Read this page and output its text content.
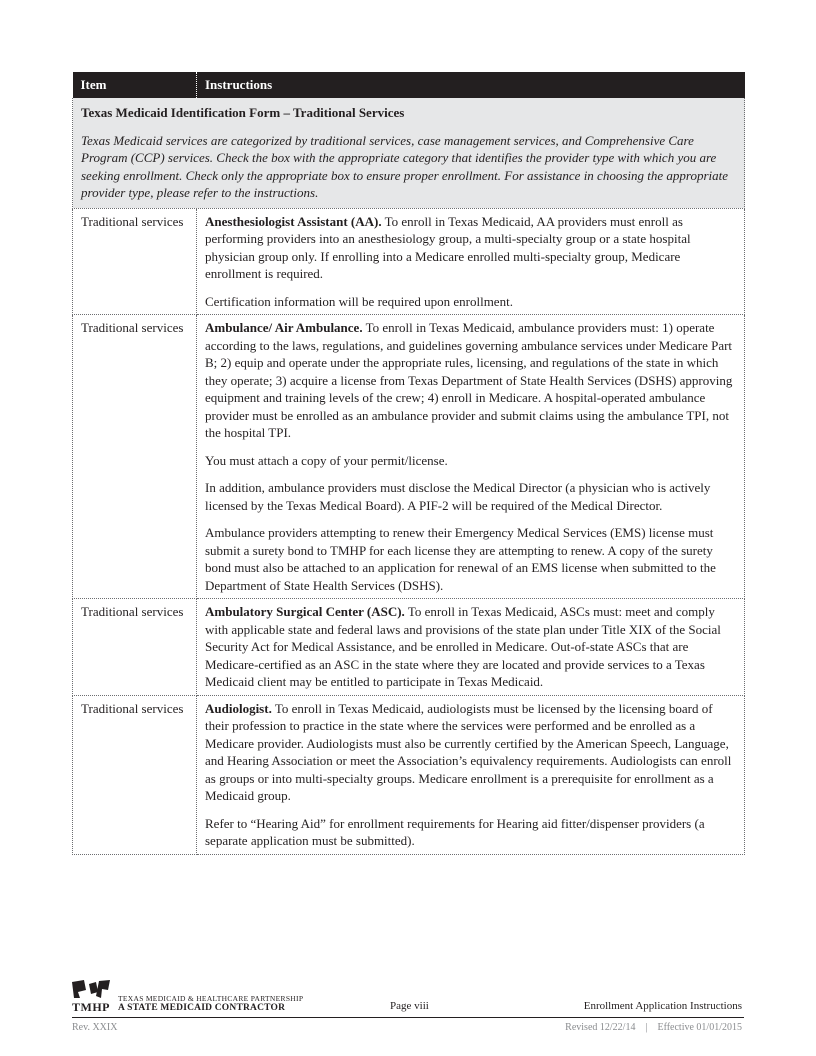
Item	Instructions

Texas Medicaid Identification Form – Traditional Services

Texas Medicaid services are categorized by traditional services, case management services, and Comprehensive Care Program (CCP) services. Check the box with the appropriate category that identifies the provider type with which you are seeking enrollment. Check only the appropriate box to ensure proper enrollment. For assistance in choosing the appropriate provider type, please refer to the instructions.	

Traditional services	Anesthesiologist Assistant (AA). To enroll in Texas Medicaid, AA providers must enroll as performing providers into an anesthesiology group, a multi-specialty group or a state hospital physician group only. If enrolling into a Medicare enrolled multi-specialty group, Medicare enrollment is required.

Certification information will be required upon enrollment.

Traditional services	Ambulance/ Air Ambulance. To enroll in Texas Medicaid, ambulance providers must: 1) operate according to the laws, regulations, and guidelines governing ambulance services under Medicare Part B; 2) equip and operate under the appropriate rules, licensing, and regulations of the state in which they operate; 3) acquire a license from Texas Department of State Health Services (DSHS) approving equipment and training levels of the crew; 4) enroll in Medicare. A hospital-operated ambulance provider must be enrolled as an ambulance provider and submit claims using the ambulance TPI, not the hospital TPI.

You must attach a copy of your permit/license.

In addition, ambulance providers must disclose the Medical Director (a physician who is actively licensed by the Texas Medical Board). A PIF-2 will be required of the Medical Director.

Ambulance providers attempting to renew their Emergency Medical Services (EMS) license must submit a surety bond to TMHP for each license they are attempting to renew. A copy of the surety bond must also be attached to an application for renewal of an EMS license when submitted to the Department of State Health Services (DSHS).

Traditional services	Ambulatory Surgical Center (ASC). To enroll in Texas Medicaid, ASCs must: meet and comply with applicable state and federal laws and provisions of the state plan under Title XIX of the Social Security Act for Medical Assistance, and be enrolled in Medicare. Out-of-state ASCs that are Medicare-certified as an ASC in the state where they are located and provide services to a Texas Medicaid client may be entitled to participate in Texas Medicaid.

Traditional services	Audiologist. To enroll in Texas Medicaid, audiologists must be licensed by the licensing board of their profession to practice in the state where the services were performed and be enrolled as a Medicare provider. Audiologists must also be currently certified by the American Speech, Language, and Hearing Association or meet the Association’s equivalency requirements. Audiologists can enroll as groups or into multi-specialty groups. Medicare enrollment is a prerequisite for enrollment as a Medicaid group.

Refer to “Hearing Aid” for enrollment requirements for Hearing aid fitter/dispenser providers (a separate application must be submitted).

TMHP
TEXAS MEDICAID & HEALTHCARE PARTNERSHIP
A STATE MEDICAID CONTRACTOR	Page viii	Enrollment Application Instructions
Rev. XXIX	Revised 12/22/14 | Effective 01/01/2015
